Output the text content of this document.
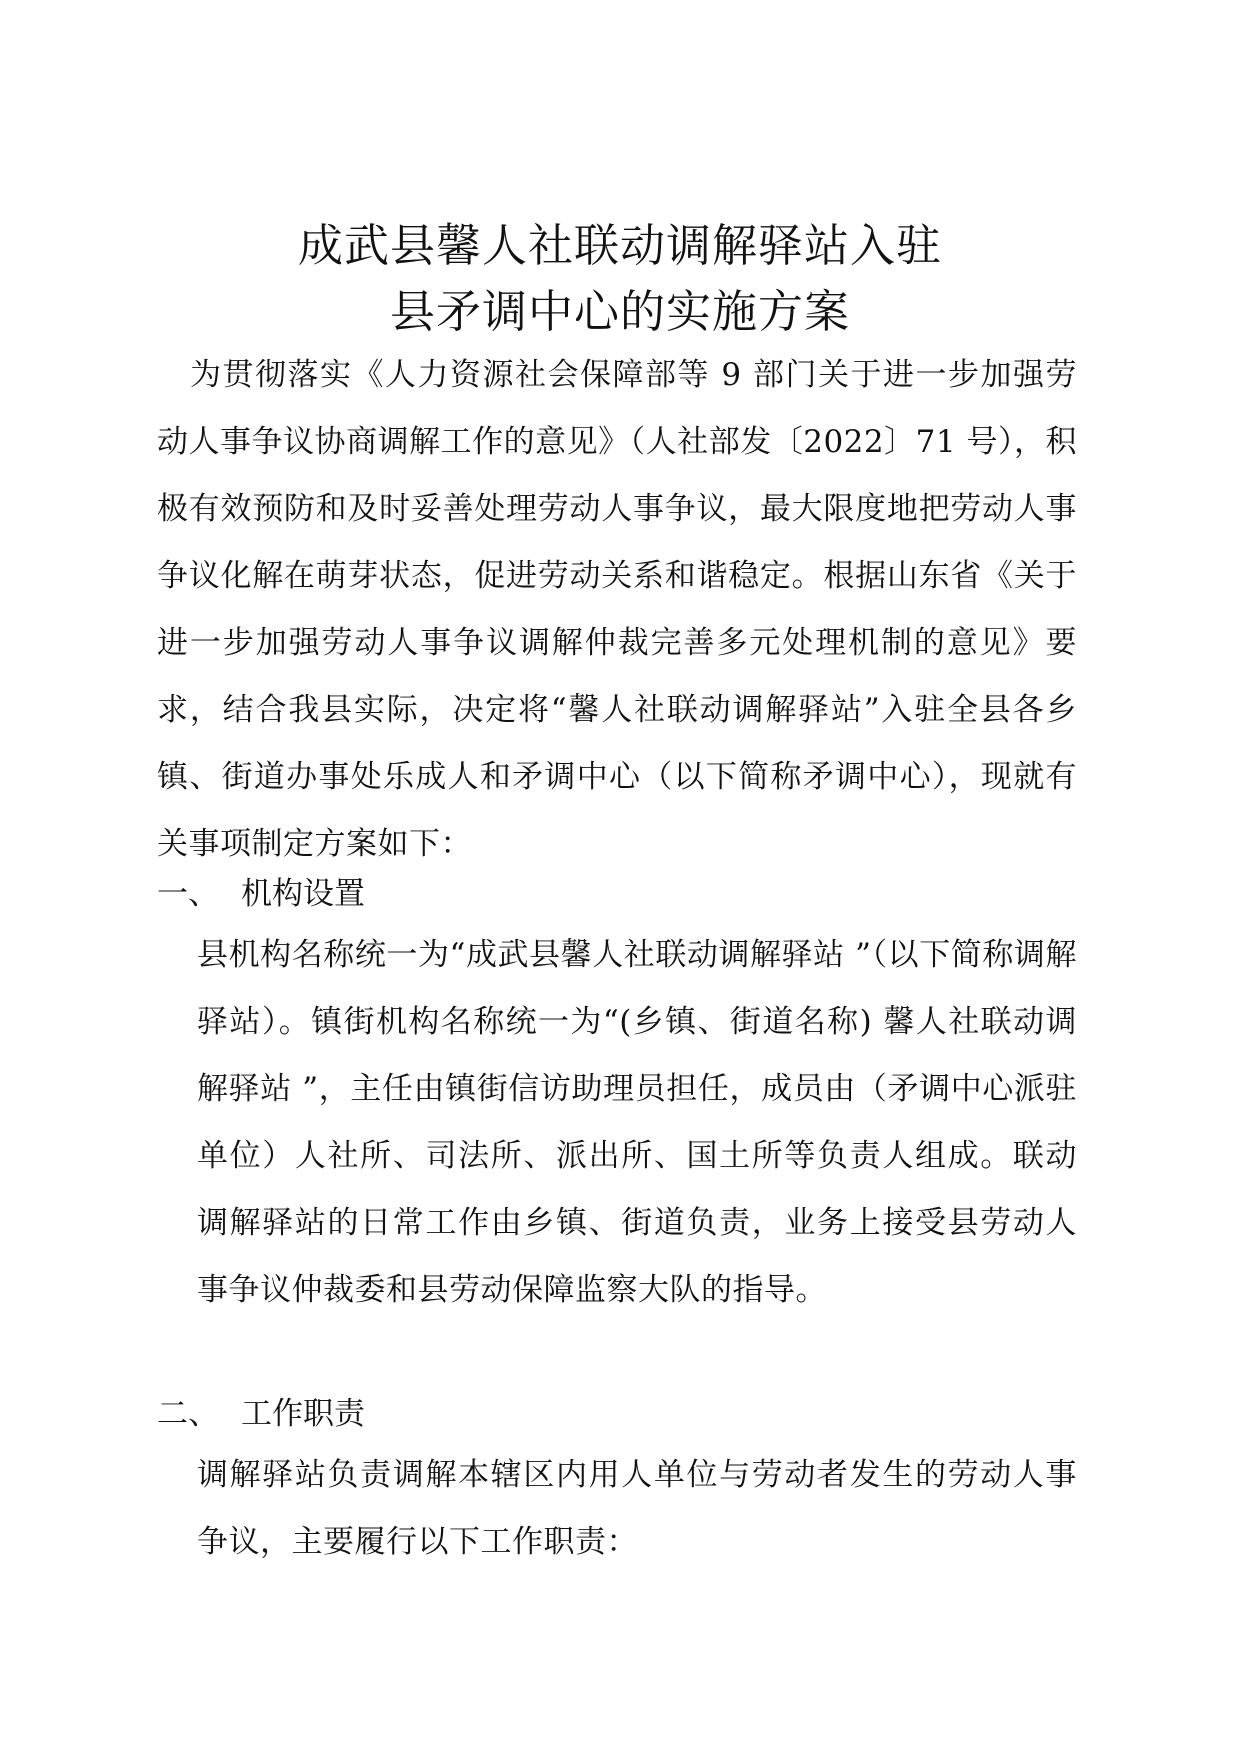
成武县馨人社联动调解驿站入驻
县矛调中心的实施方案

为贯彻落实《人力资源社会保障部等 9 部门关于进一步加强劳动人事争议协商调解工作的意见》（人社部发〔2022〕71 号），积极有效预防和及时妥善处理劳动人事争议，最大限度地把劳动人事争议化解在萌芽状态，促进劳动关系和谐稳定。根据山东省《关于进一步加强劳动人事争议调解仲裁完善多元处理机制的意见》要求，结合我县实际，决定将“馨人社联动调解驿站”入驻全县各乡镇、街道办事处乐成人和矛调中心（以下简称矛调中心），现就有关事项制定方案如下：

一、 机构设置

县机构名称统一为“成武县馨人社联动调解驿站 ”（以下简称调解驿站）。镇街机构名称统一为“(乡镇、街道名称) 馨人社联动调解驿站 ”，主任由镇街信访助理员担任，成员由（矛调中心派驻单位）人社所、司法所、派出所、国土所等负责人组成。联动调解驿站的日常工作由乡镇、街道负责，业务上接受县劳动人事争议仲裁委和县劳动保障监察大队的指导。

二、 工作职责

调解驿站负责调解本辖区内用人单位与劳动者发生的劳动人事争议，主要履行以下工作职责：
